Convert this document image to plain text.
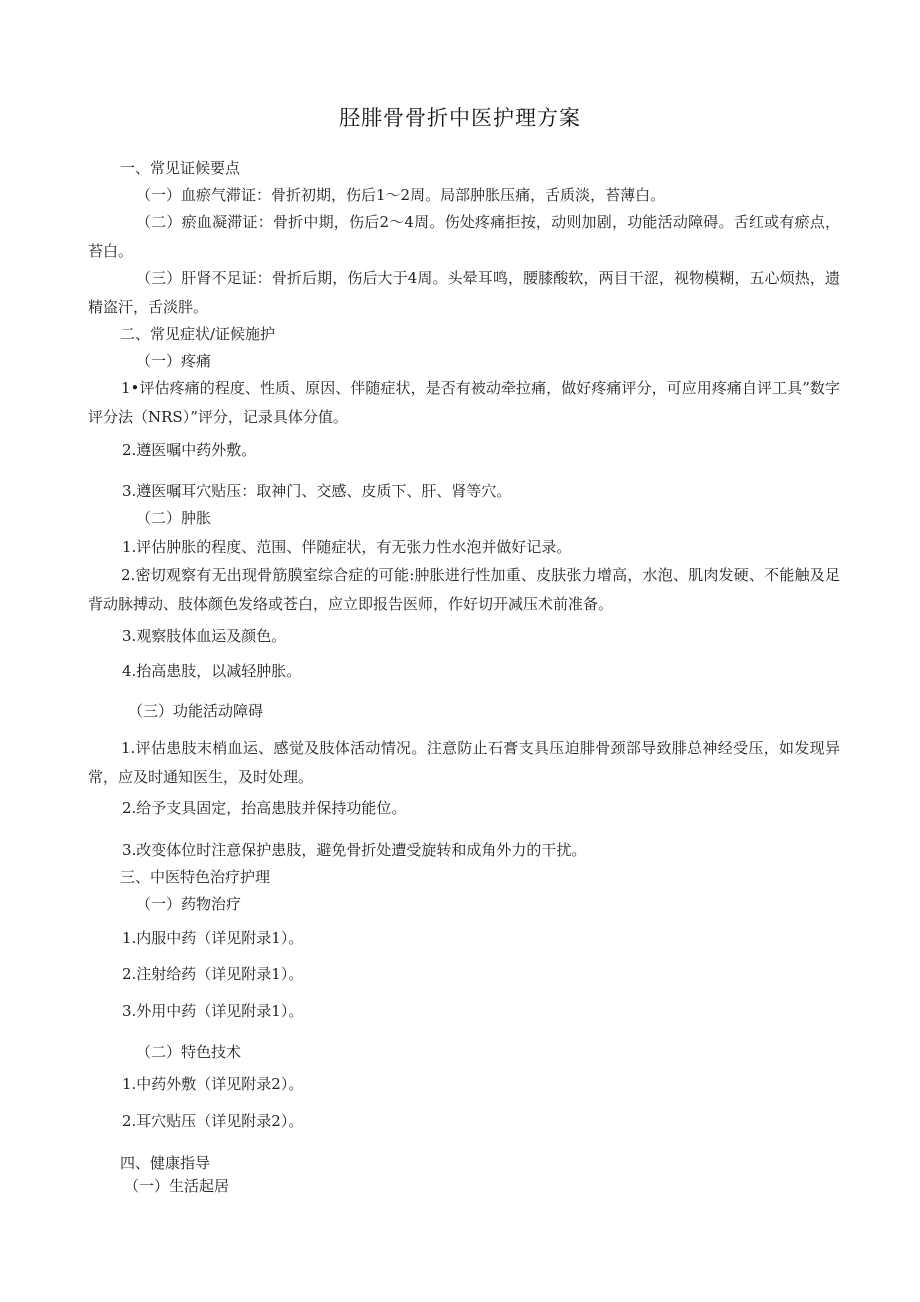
胫腓骨骨折中医护理方案
一、常见证候要点
（一）血瘀气滞证：骨折初期，伤后1～2周。局部肿胀压痛，舌质淡，苔薄白。
（二）瘀血凝滞证：骨折中期，伤后2～4周。伤处疼痛拒按，动则加剧，功能活动障碍。舌红或有瘀点，苔白。
（三）肝肾不足证：骨折后期，伤后大于4周。头晕耳鸣，腰膝酸软，两目干涩，视物模糊，五心烦热，遗精盗汗，舌淡胖。
二、常见症状/证候施护
（一）疼痛
1•评估疼痛的程度、性质、原因、伴随症状，是否有被动牵拉痛，做好疼痛评分，可应用疼痛自评工具”数字评分法（NRS）”评分，记录具体分值。
2.遵医嘱中药外敷。
3.遵医嘱耳穴贴压：取神门、交感、皮质下、肝、肾等穴。
（二）肿胀
1.评估肿胀的程度、范围、伴随症状，有无张力性水泡并做好记录。
2.密切观察有无出现骨筋膜室综合症的可能:肿胀进行性加重、皮肤张力增高，水泡、肌肉发硬、不能触及足背动脉搏动、肢体颜色发络或苍白，应立即报告医师，作好切开减压术前准备。
3.观察肢体血运及颜色。
4.抬高患肢，以减轻肿胀。
（三）功能活动障碍
1.评估患肢末梢血运、感觉及肢体活动情况。注意防止石膏支具压迫腓骨颈部导致腓总神经受压，如发现异常，应及时通知医生，及时处理。
2.给予支具固定，抬高患肢并保持功能位。
3.改变体位时注意保护患肢，避免骨折处遭受旋转和成角外力的干扰。
三、中医特色治疗护理
（一）药物治疗
1.内服中药（详见附录1）。
2.注射给药（详见附录1）。
3.外用中药（详见附录1）。
（二）特色技术
1.中药外敷（详见附录2）。
2.耳穴贴压（详见附录2）。
四、健康指导
（一）生活起居
